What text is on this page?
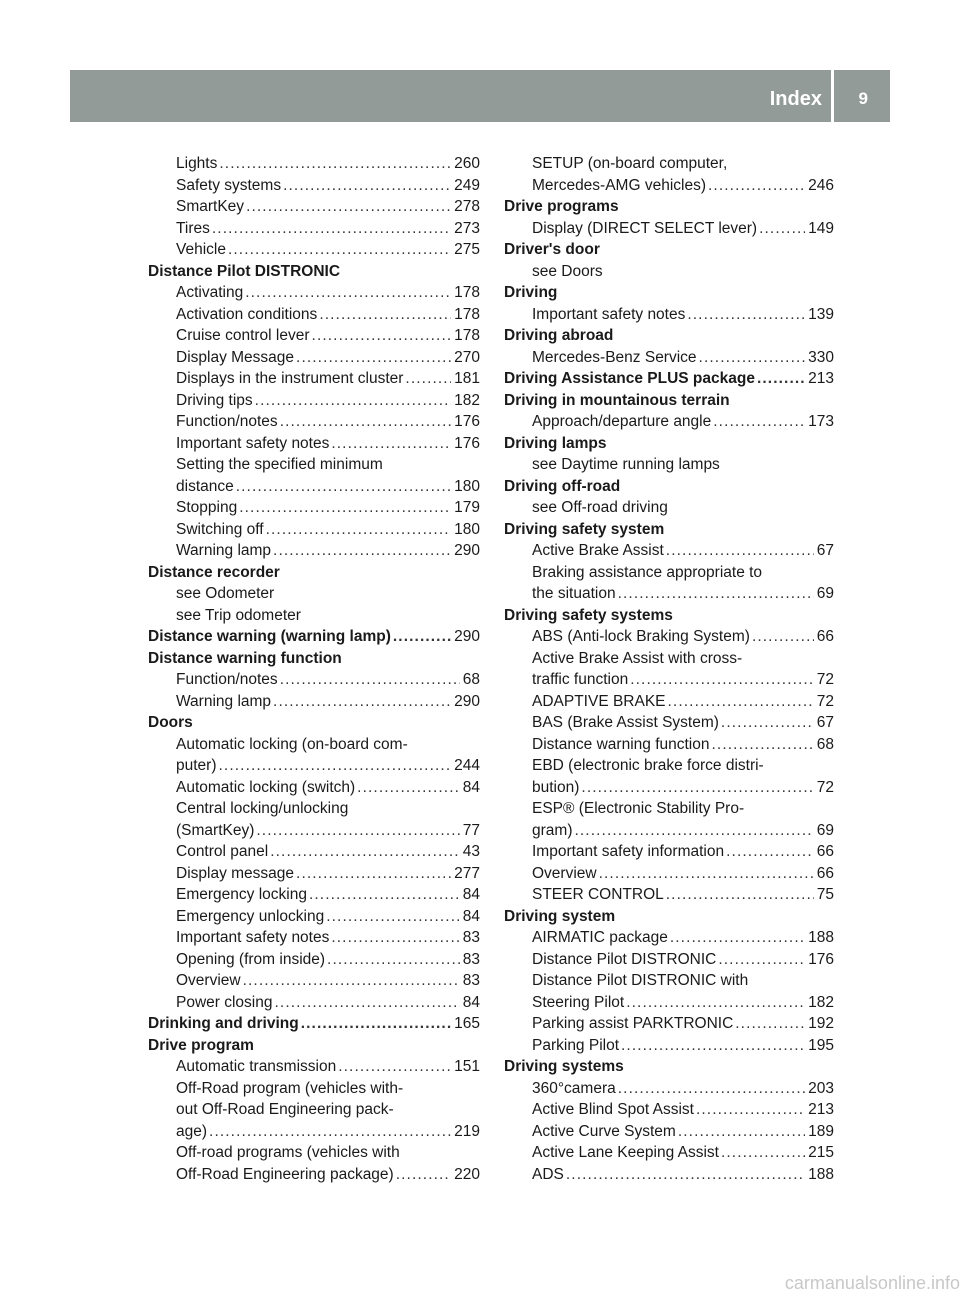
Index 9
Lights . . .	260
Safety systems . . .	249
SmartKey . . .	278
Tires . . .	273
Vehicle . . .	275
Distance Pilot DISTRONIC
Activating . . .	178
Activation conditions . . .	178
Cruise control lever . . .	178
Display Message . . .	270
Displays in the instrument cluster . . .	181
Driving tips . . .	182
Function/notes . . .	176
Important safety notes . . .	176
Setting the specified minimum
distance . . .	180
Stopping . . .	179
Switching off . . .	180
Warning lamp . . .	290
Distance recorder
see Odometer
see Trip odometer
Distance warning (warning lamp) . . .	290
Distance warning function
Function/notes . . .	68
Warning lamp . . .	290
Doors
Automatic locking (on-board com-
puter) . . .	244
Automatic locking (switch) . . .	84
Central locking/unlocking
(SmartKey) . . .	77
Control panel . . .	43
Display message . . .	277
Emergency locking . . .	84
Emergency unlocking . . .	84
Important safety notes . . .	83
Opening (from inside) . . .	83
Overview . . .	83
Power closing . . .	84
Drinking and driving . . .	165
Drive program
Automatic transmission . . .	151
Off-Road program (vehicles with-
out Off-Road Engineering pack-
age) . . .	219
Off-road programs (vehicles with
Off-Road Engineering package) . . .	220
SETUP (on-board computer,
Mercedes-AMG vehicles) . . .	246
Drive programs
Display (DIRECT SELECT lever) . . .	149
Driver's door
see Doors
Driving
Important safety notes . . .	139
Driving abroad
Mercedes-Benz Service . . .	330
Driving Assistance PLUS package . . .	213
Driving in mountainous terrain
Approach/departure angle . . .	173
Driving lamps
see Daytime running lamps
Driving off-road
see Off-road driving
Driving safety system
Active Brake Assist . . .	67
Braking assistance appropriate to
the situation . . .	69
Driving safety systems
ABS (Anti-lock Braking System) . . .	66
Active Brake Assist with cross-
traffic function . . .	72
ADAPTIVE BRAKE . . .	72
BAS (Brake Assist System) . . .	67
Distance warning function . . .	68
EBD (electronic brake force distri-
bution) . . .	72
ESP® (Electronic Stability Pro-
gram) . . .	69
Important safety information . . .	66
Overview . . .	66
STEER CONTROL . . .	75
Driving system
AIRMATIC package . . .	188
Distance Pilot DISTRONIC . . .	176
Distance Pilot DISTRONIC with
Steering Pilot . . .	182
Parking assist PARKTRONIC . . .	192
Parking Pilot . . .	195
Driving systems
360°camera . . .	203
Active Blind Spot Assist . . .	213
Active Curve System . . .	189
Active Lane Keeping Assist . . .	215
ADS . . .	188
carmanualsonline.info
